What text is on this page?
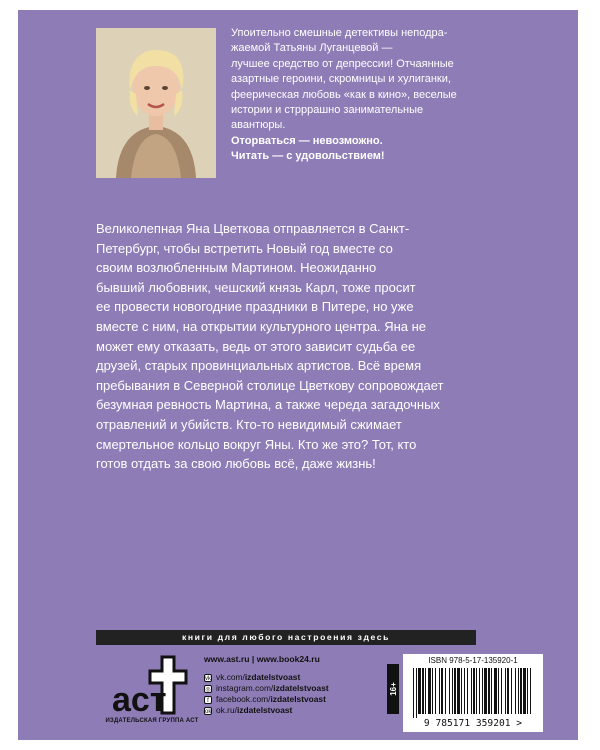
Упоительно смешные детективы неподра-
жаемой Татьяны Луганцевой —
лучшее средство от депрессии! Отчаянные
азартные героини, скромницы и хулиганки,
феерическая любовь «как в кино», веселые
истории и стрррашно занимательные
авантюры.

Оторваться — невозможно.

Читать — с удовольствием!

Великолепная Яна Цветкова отправляется в Санкт-
Петербург, чтобы встретить Новый год вместе со
своим возлюбленным Мартином. Неожиданно
бывший любовник, чешский князь Карл, тоже просит
ее провести новогодние праздники в Питере, но уже
вместе с ним, на открытии культурного центра. Яна не
может ему отказать, ведь от этого зависит судьба ее
друзей, старых провинциальных артистов. Всё время
пребывания в Северной столице Цветкову сопровождает
безумная ревность Мартина, а также череда загадочных
отравлений и убийств. Кто-то невидимый сжимает
смертельное кольцо вокруг Яны. Кто же это? Тот, кто
готов отдать за свою любовь всё, даже жизнь!
книги для любого настроения здесь
аст
ИЗДАТЕЛЬСКАЯ ГРУППА АСТ
www.ast.ru | www.book24.ru
vk vk.com/ izdatelstvoast
◎ instagram.com/ izdatelstvoast
f facebook.com/ izdatelstvoast
ok ok.ru/ izdatelstvoast
16+
ISBN 978-5-17-135920-1
9 785171 359201 >
